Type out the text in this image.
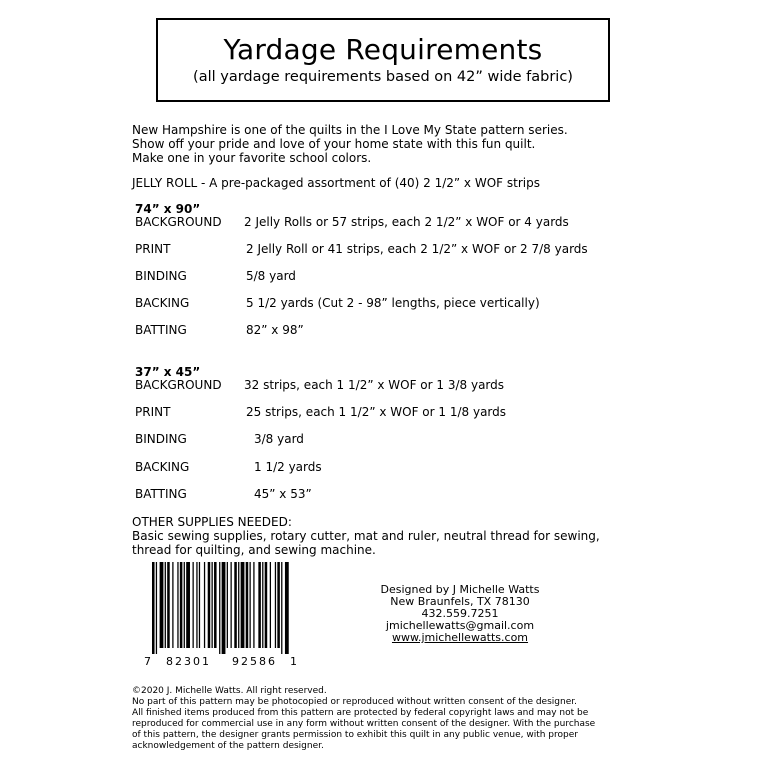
Yardage Requirements
(all yardage requirements based on 42” wide fabric)
New Hampshire is one of the quilts in the I Love My State pattern series.
Show off your pride and love of your home state with this fun quilt.
Make one in your favorite school colors.
JELLY ROLL - A pre-packaged assortment of (40) 2 1/2” x WOF strips
74” x 90”
BACKGROUND 2 Jelly Rolls or 57 strips, each 2 1/2” x WOF or 4 yards
PRINT	2 Jelly Roll or 41 strips, each 2 1/2” x WOF or 2 7/8 yards
BINDING	5/8 yard
BACKING	5 1/2 yards (Cut 2 - 98” lengths, piece vertically)
BATTING	82” x 98”
37” x 45”
BACKGROUND 32 strips, each 1 1/2” x WOF or 1 3/8 yards
PRINT	25 strips, each 1 1/2” x WOF or 1 1/8 yards
BINDING	3/8 yard
BACKING	1 1/2 yards
BATTING	45” x 53”
OTHER SUPPLIES NEEDED:
Basic sewing supplies, rotary cutter, mat and ruler, neutral thread for sewing,
thread for quilting, and sewing machine.
7 82301 92586 1
Designed by J Michelle Watts
New Braunfels, TX 78130
432.559.7251
jmichellewatts@gmail.com
www.jmichellewatts.com
©2020 J. Michelle Watts. All right reserved.
No part of this pattern may be photocopied or reproduced without written consent of the designer.
All finished items produced from this pattern are protected by federal copyright laws and may not be
reproduced for commercial use in any form without written consent of the designer. With the purchase
of this pattern, the designer grants permission to exhibit this quilt in any public venue, with proper
acknowledgement of the pattern designer.
